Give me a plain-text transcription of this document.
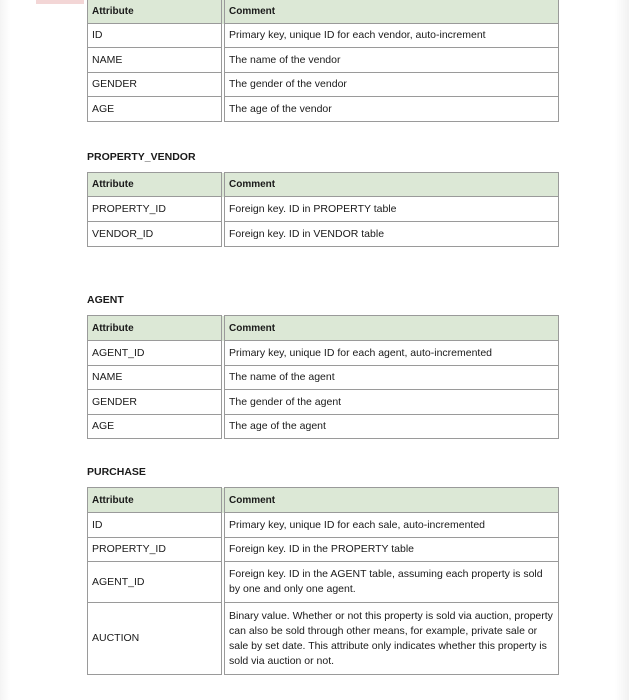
Attribute		Comment
ID		Primary key, unique ID for each vendor, auto-increment
NAME		The name of the vendor
GENDER		The gender of the vendor
AGE		The age of the vendor
PROPERTY_VENDOR
Attribute		Comment
PROPERTY_ID		Foreign key. ID in PROPERTY table
VENDOR_ID		Foreign key. ID in VENDOR table
AGENT
Attribute		Comment
AGENT_ID		Primary key, unique ID for each agent, auto-incremented
NAME		The name of the agent
GENDER		The gender of the agent
AGE		The age of the agent
PURCHASE
Attribute		Comment
ID		Primary key, unique ID for each sale, auto-incremented
PROPERTY_ID		Foreign key. ID in the PROPERTY table
AGENT_ID		Foreign key. ID in the AGENT table, assuming each property is sold by one and only one agent.
AUCTION		Binary value. Whether or not this property is sold via auction, property can also be sold through other means, for example, private sale or sale by set date. This attribute only indicates whether this property is sold via auction or not.
